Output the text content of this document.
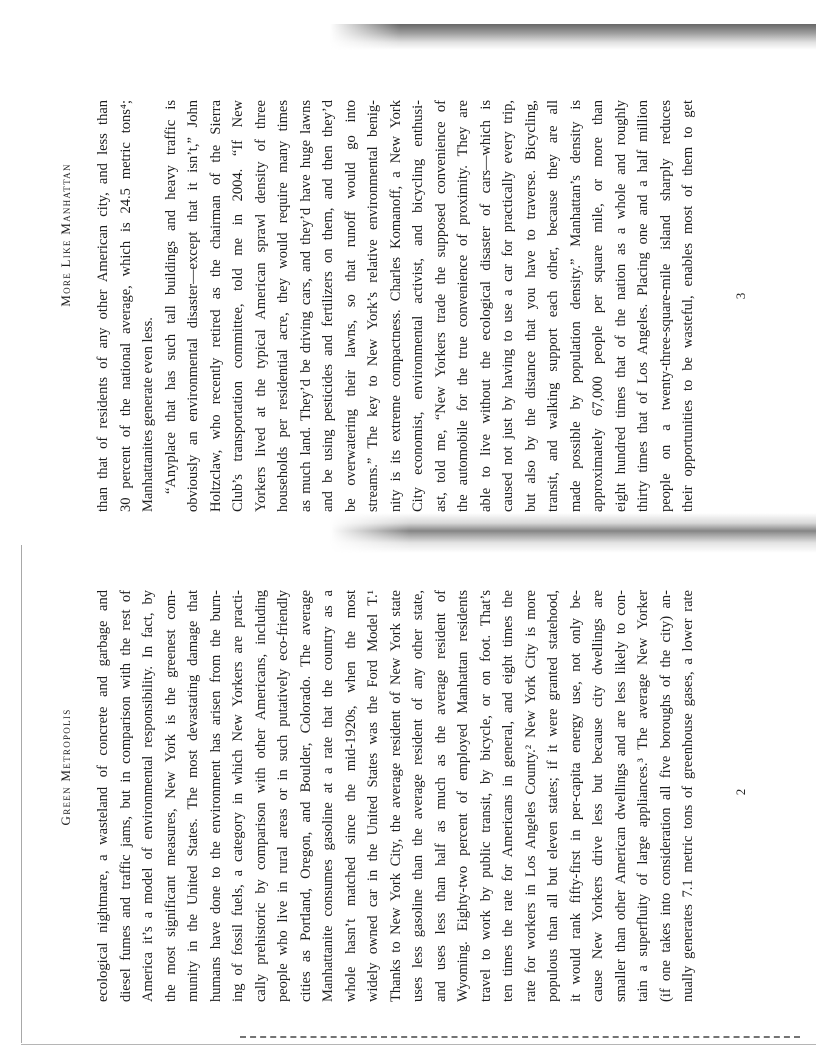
Green Metropolis ecological nightmare, a wasteland of concrete and garbage and diesel fumes and traffic jams, but in comparison with the rest of America it’s a model of environmental responsibility. In fact, by the most significant measures, New York is the greenest com- munity in the United States. The most devastating damage that humans have done to the environment has arisen from the burn- ing of fossil fuels, a category in which New Yorkers are practi- cally prehistoric by comparison with other Americans, including people who live in rural areas or in such putatively eco-friendly cities as Portland, Oregon, and Boulder, Colorado. The average Manhattanite consumes gasoline at a rate that the country as a whole hasn’t matched since the mid-1920s, when the most widely owned car in the United States was the Ford Model T.¹ Thanks to New York City, the average resident of New York state uses less gasoline than the average resident of any other state, and uses less than half as much as the average resident of Wyoming. Eighty-two percent of employed Manhattan residents travel to work by public transit, by bicycle, or on foot. That’s ten times the rate for Americans in general, and eight times the rate for workers in Los Angeles County.² New York City is more populous than all but eleven states; if it were granted statehood, it would rank fifty-first in per-capita energy use, not only be- cause New Yorkers drive less but because city dwellings are smaller than other American dwellings and are less likely to con- tain a superfluity of large appliances.³ The average New Yorker (if one takes into consideration all five boroughs of the city) an- nually generates 7.1 metric tons of greenhouse gases, a lower rate	2
More Like Manhattan than that of residents of any other American city, and less than 30 percent of the national average, which is 24.5 metric tons⁴; Manhattanites generate even less. “Anyplace that has such tall buildings and heavy traffic is obviously an environmental disaster—except that it isn’t,” John Holtzclaw, who recently retired as the chairman of the Sierra Club’s transportation committee, told me in 2004. “If New Yorkers lived at the typical American sprawl density of three households per residential acre, they would require many times as much land. They’d be driving cars, and they’d have huge lawns and be using pesticides and fertilizers on them, and then they’d be overwatering their lawns, so that runoff would go into streams.” The key to New York’s relative environmental benig- nity is its extreme compactness. Charles Komanoff, a New York City economist, environmental activist, and bicycling enthusi- ast, told me, “New Yorkers trade the supposed convenience of the automobile for the true convenience of proximity. They are able to live without the ecological disaster of cars—which is caused not just by having to use a car for practically every trip, but also by the distance that you have to traverse. Bicycling, transit, and walking support each other, because they are all made possible by population density.” Manhattan’s density is approximately 67,000 people per square mile, or more than eight hundred times that of the nation as a whole and roughly thirty times that of Los Angeles. Placing one and a half million people on a twenty-three-square-mile island sharply reduces their opportunities to be wasteful, enables most of them to get	3
